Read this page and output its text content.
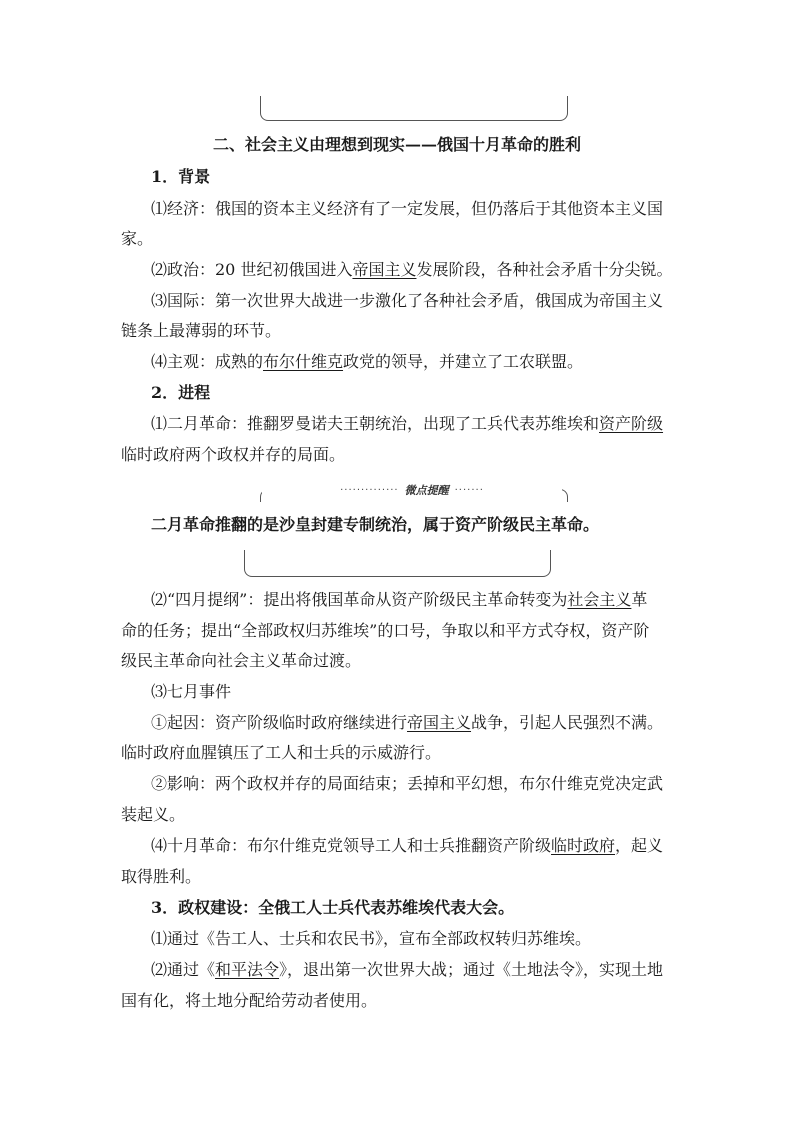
二、社会主义由理想到现实——俄国十月革命的胜利
1．背景
⑴经济：俄国的资本主义经济有了一定发展，但仍落后于其他资本主义国
家。
⑵政治：20 世纪初俄国进入帝国主义发展阶段，各种社会矛盾十分尖锐。
⑶国际：第一次世界大战进一步激化了各种社会矛盾，俄国成为帝国主义
链条上最薄弱的环节。
⑷主观：成熟的布尔什维克政党的领导，并建立了工农联盟。
2．进程
⑴二月革命：推翻罗曼诺夫王朝统治，出现了工兵代表苏维埃和资产阶级
临时政府两个政权并存的局面。
·············· 微点提醒 ·······
二月革命推翻的是沙皇封建专制统治，属于资产阶级民主革命。
⑵“四月提纲”：提出将俄国革命从资产阶级民主革命转变为社会主义革
命的任务；提出“全部政权归苏维埃”的口号，争取以和平方式夺权，资产阶
级民主革命向社会主义革命过渡。
⑶七月事件
①起因：资产阶级临时政府继续进行帝国主义战争，引起人民强烈不满。
临时政府血腥镇压了工人和士兵的示威游行。
②影响：两个政权并存的局面结束；丢掉和平幻想，布尔什维克党决定武
装起义。
⑷十月革命：布尔什维克党领导工人和士兵推翻资产阶级临时政府，起义
取得胜利。
3．政权建设：全俄工人士兵代表苏维埃代表大会。
⑴通过《告工人、士兵和农民书》，宣布全部政权转归苏维埃。
⑵通过《和平法令》，退出第一次世界大战；通过《土地法令》，实现土地
国有化，将土地分配给劳动者使用。
